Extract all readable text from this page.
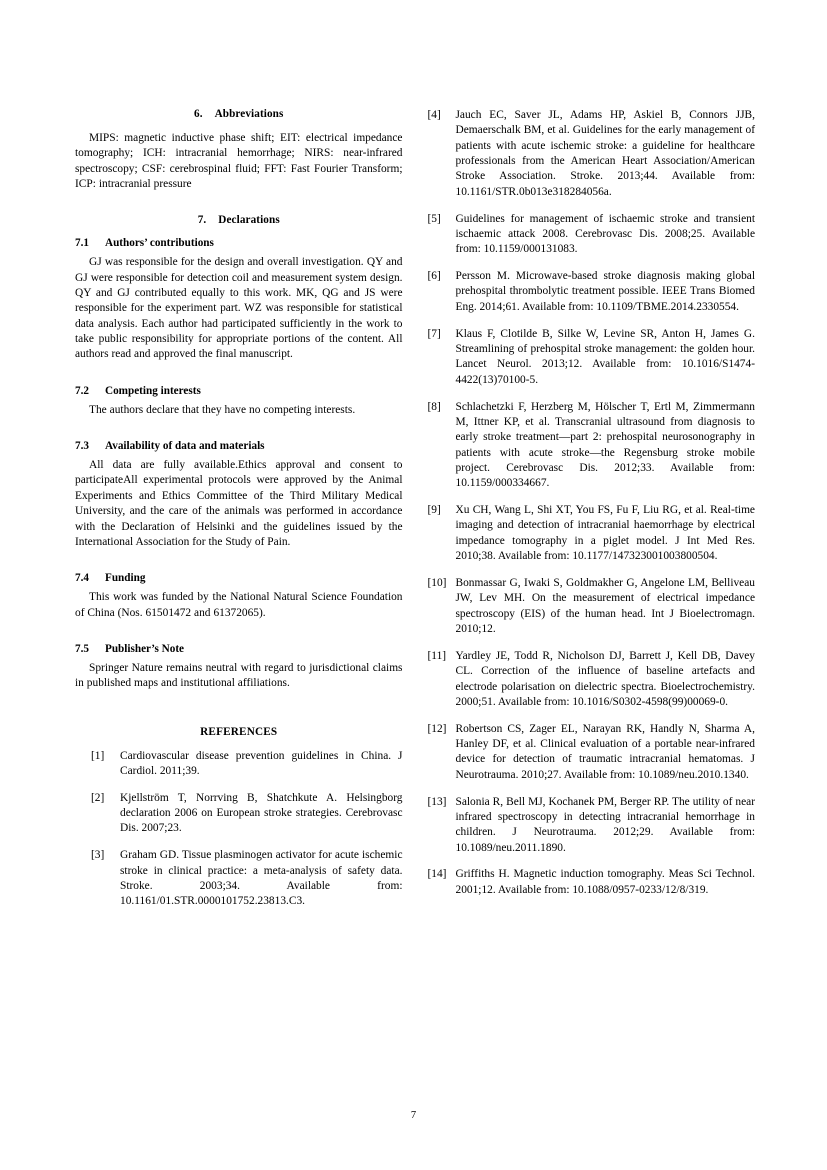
6. Abbreviations

MIPS: magnetic inductive phase shift; EIT: electrical impedance tomography; ICH: intracranial hemorrhage; NIRS: near-infrared spectroscopy; CSF: cerebrospinal fluid; FFT: Fast Fourier Transform; ICP: intracranial pressure

7. Declarations
7.1 Authors’ contributions

GJ was responsible for the design and overall investigation. QY and GJ were responsible for detection coil and measurement system design. QY and GJ contributed equally to this work. MK, QG and JS were responsible for the experiment part. WZ was responsible for statistical data analysis. Each author had participated sufficiently in the work to take public responsibility for appropriate portions of the content. All authors read and approved the final manuscript.

7.2 Competing interests

The authors declare that they have no competing interests.

7.3 Availability of data and materials

All data are fully available.Ethics approval and consent to participateAll experimental protocols were approved by the Animal Experiments and Ethics Committee of the Third Military Medical University, and the care of the animals was performed in accordance with the Declaration of Helsinki and the guidelines issued by the International Association for the Study of Pain.

7.4 Funding

This work was funded by the National Natural Science Foundation of China (Nos. 61501472 and 61372065).

7.5 Publisher’s Note

Springer Nature remains neutral with regard to jurisdictional claims in published maps and institutional affiliations.

REFERENCES
[1]	Cardiovascular disease prevention guidelines in China. J Cardiol. 2011;39.
[2]	Kjellström T, Norrving B, Shatchkute A. Helsingborg declaration 2006 on European stroke strategies. Cerebrovasc Dis. 2007;23.
[3]	Graham GD. Tissue plasminogen activator for acute ischemic stroke in clinical practice: a meta-analysis of safety data. Stroke. 2003;34. Available from: 10.1161/01.STR.0000101752.23813.C3.
[4]	Jauch EC, Saver JL, Adams HP, Askiel B, Connors JJB, Demaerschalk BM, et al. Guidelines for the early management of patients with acute ischemic stroke: a guideline for healthcare professionals from the American Heart Association/American Stroke Association. Stroke. 2013;44. Available from: 10.1161/STR.0b013e318284056a.
[5]	Guidelines for management of ischaemic stroke and transient ischaemic attack 2008. Cerebrovasc Dis. 2008;25. Available from: 10.1159/000131083.
[6]	Persson M. Microwave-based stroke diagnosis making global prehospital thrombolytic treatment possible. IEEE Trans Biomed Eng. 2014;61. Available from: 10.1109/TBME.2014.2330554.
[7]	Klaus F, Clotilde B, Silke W, Levine SR, Anton H, James G. Streamlining of prehospital stroke management: the golden hour. Lancet Neurol. 2013;12. Available from: 10.1016/S1474-4422(13)70100-5.
[8]	Schlachetzki F, Herzberg M, Hölscher T, Ertl M, Zimmermann M, Ittner KP, et al. Transcranial ultrasound from diagnosis to early stroke treatment—part 2: prehospital neurosonography in patients with acute stroke—the Regensburg stroke mobile project. Cerebrovasc Dis. 2012;33. Available from: 10.1159/000334667.
[9]	Xu CH, Wang L, Shi XT, You FS, Fu F, Liu RG, et al. Real-time imaging and detection of intracranial haemorrhage by electrical impedance tomography in a piglet model. J Int Med Res. 2010;38. Available from: 10.1177/147323001003800504.
[10] Bonmassar G, Iwaki S, Goldmakher G, Angelone LM, Belliveau JW, Lev MH. On the measurement of electrical impedance spectroscopy (EIS) of the human head. Int J Bioelectromagn. 2010;12.
[11] Yardley JE, Todd R, Nicholson DJ, Barrett J, Kell DB, Davey CL. Correction of the influence of baseline artefacts and electrode polarisation on dielectric spectra. Bioelectrochemistry. 2000;51. Available from: 10.1016/S0302-4598(99)00069-0.
[12] Robertson CS, Zager EL, Narayan RK, Handly N, Sharma A, Hanley DF, et al. Clinical evaluation of a portable near-infrared device for detection of traumatic intracranial hematomas. J Neurotrauma. 2010;27. Available from: 10.1089/neu.2010.1340.
[13] Salonia R, Bell MJ, Kochanek PM, Berger RP. The utility of near infrared spectroscopy in detecting intracranial hemorrhage in children. J Neurotrauma. 2012;29. Available from: 10.1089/neu.2011.1890.
[14] Griffiths H. Magnetic induction tomography. Meas Sci Technol. 2001;12. Available from: 10.1088/0957-0233/12/8/319.
7
